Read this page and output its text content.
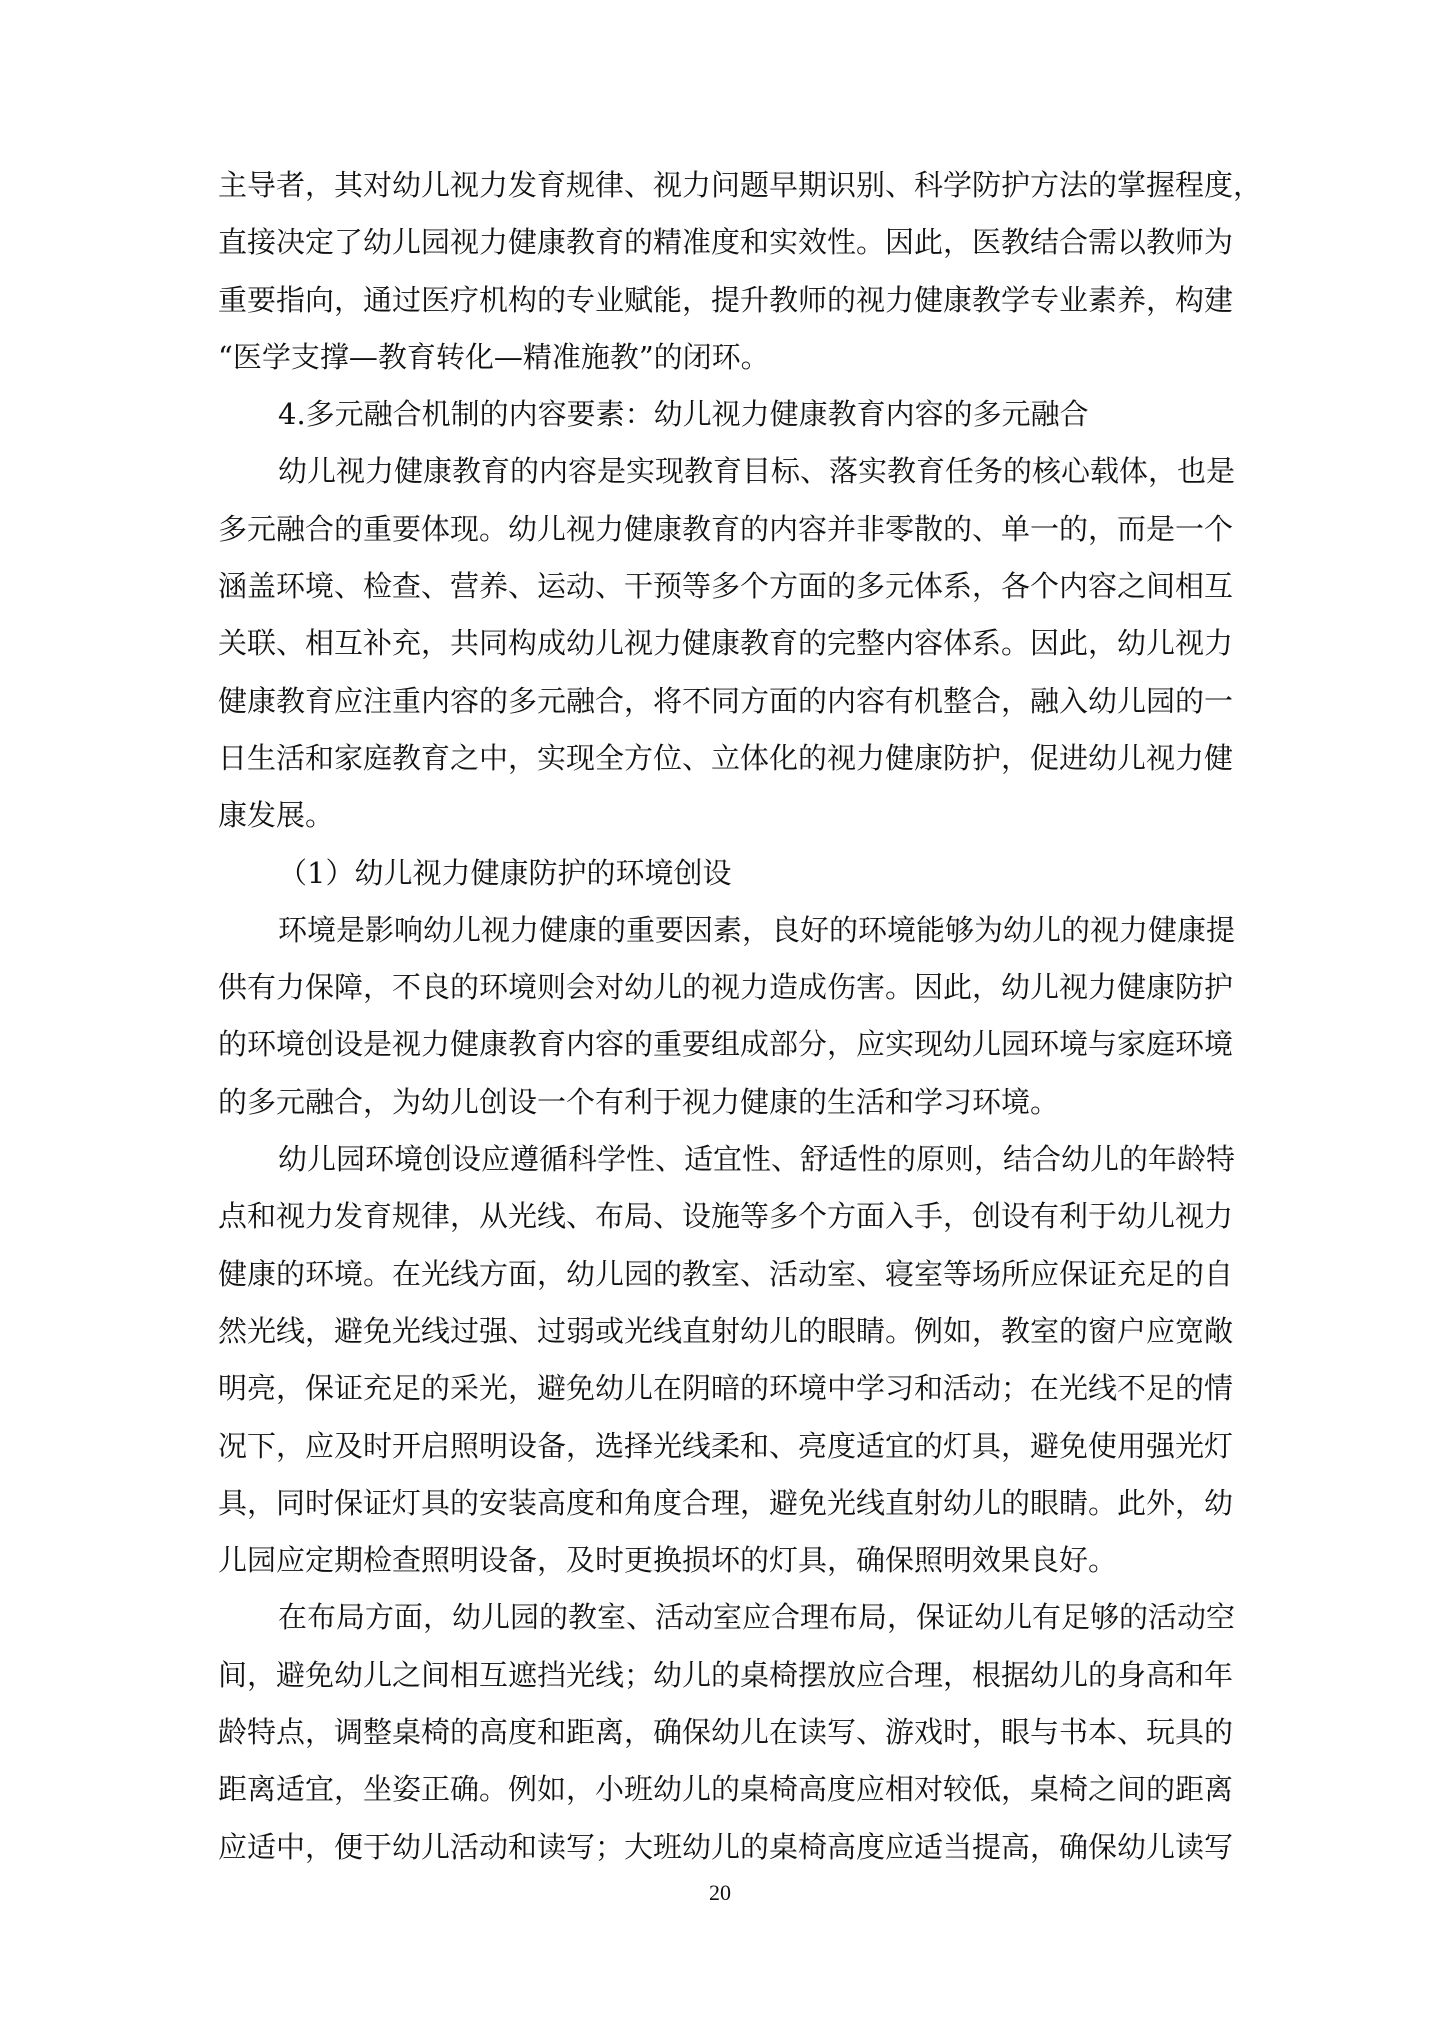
主导者，其对幼儿视力发育规律、视力问题早期识别、科学防护方法的掌握程度，
直接决定了幼儿园视力健康教育的精准度和实效性。因此，医教结合需以教师为
重要指向，通过医疗机构的专业赋能，提升教师的视力健康教学专业素养，构建
“医学支撑—教育转化—精准施教”的闭环。
4.多元融合机制的内容要素：幼儿视力健康教育内容的多元融合
幼儿视力健康教育的内容是实现教育目标、落实教育任务的核心载体，也是
多元融合的重要体现。幼儿视力健康教育的内容并非零散的、单一的，而是一个
涵盖环境、检查、营养、运动、干预等多个方面的多元体系，各个内容之间相互
关联、相互补充，共同构成幼儿视力健康教育的完整内容体系。因此，幼儿视力
健康教育应注重内容的多元融合，将不同方面的内容有机整合，融入幼儿园的一
日生活和家庭教育之中，实现全方位、立体化的视力健康防护，促进幼儿视力健
康发展。
（1）幼儿视力健康防护的环境创设
环境是影响幼儿视力健康的重要因素，良好的环境能够为幼儿的视力健康提
供有力保障，不良的环境则会对幼儿的视力造成伤害。因此，幼儿视力健康防护
的环境创设是视力健康教育内容的重要组成部分，应实现幼儿园环境与家庭环境
的多元融合，为幼儿创设一个有利于视力健康的生活和学习环境。
幼儿园环境创设应遵循科学性、适宜性、舒适性的原则，结合幼儿的年龄特
点和视力发育规律，从光线、布局、设施等多个方面入手，创设有利于幼儿视力
健康的环境。在光线方面，幼儿园的教室、活动室、寝室等场所应保证充足的自
然光线，避免光线过强、过弱或光线直射幼儿的眼睛。例如，教室的窗户应宽敞
明亮，保证充足的采光，避免幼儿在阴暗的环境中学习和活动；在光线不足的情
况下，应及时开启照明设备，选择光线柔和、亮度适宜的灯具，避免使用强光灯
具，同时保证灯具的安装高度和角度合理，避免光线直射幼儿的眼睛。此外，幼
儿园应定期检查照明设备，及时更换损坏的灯具，确保照明效果良好。
在布局方面，幼儿园的教室、活动室应合理布局，保证幼儿有足够的活动空
间，避免幼儿之间相互遮挡光线；幼儿的桌椅摆放应合理，根据幼儿的身高和年
龄特点，调整桌椅的高度和距离，确保幼儿在读写、游戏时，眼与书本、玩具的
距离适宜，坐姿正确。例如，小班幼儿的桌椅高度应相对较低，桌椅之间的距离
应适中，便于幼儿活动和读写；大班幼儿的桌椅高度应适当提高，确保幼儿读写
20
